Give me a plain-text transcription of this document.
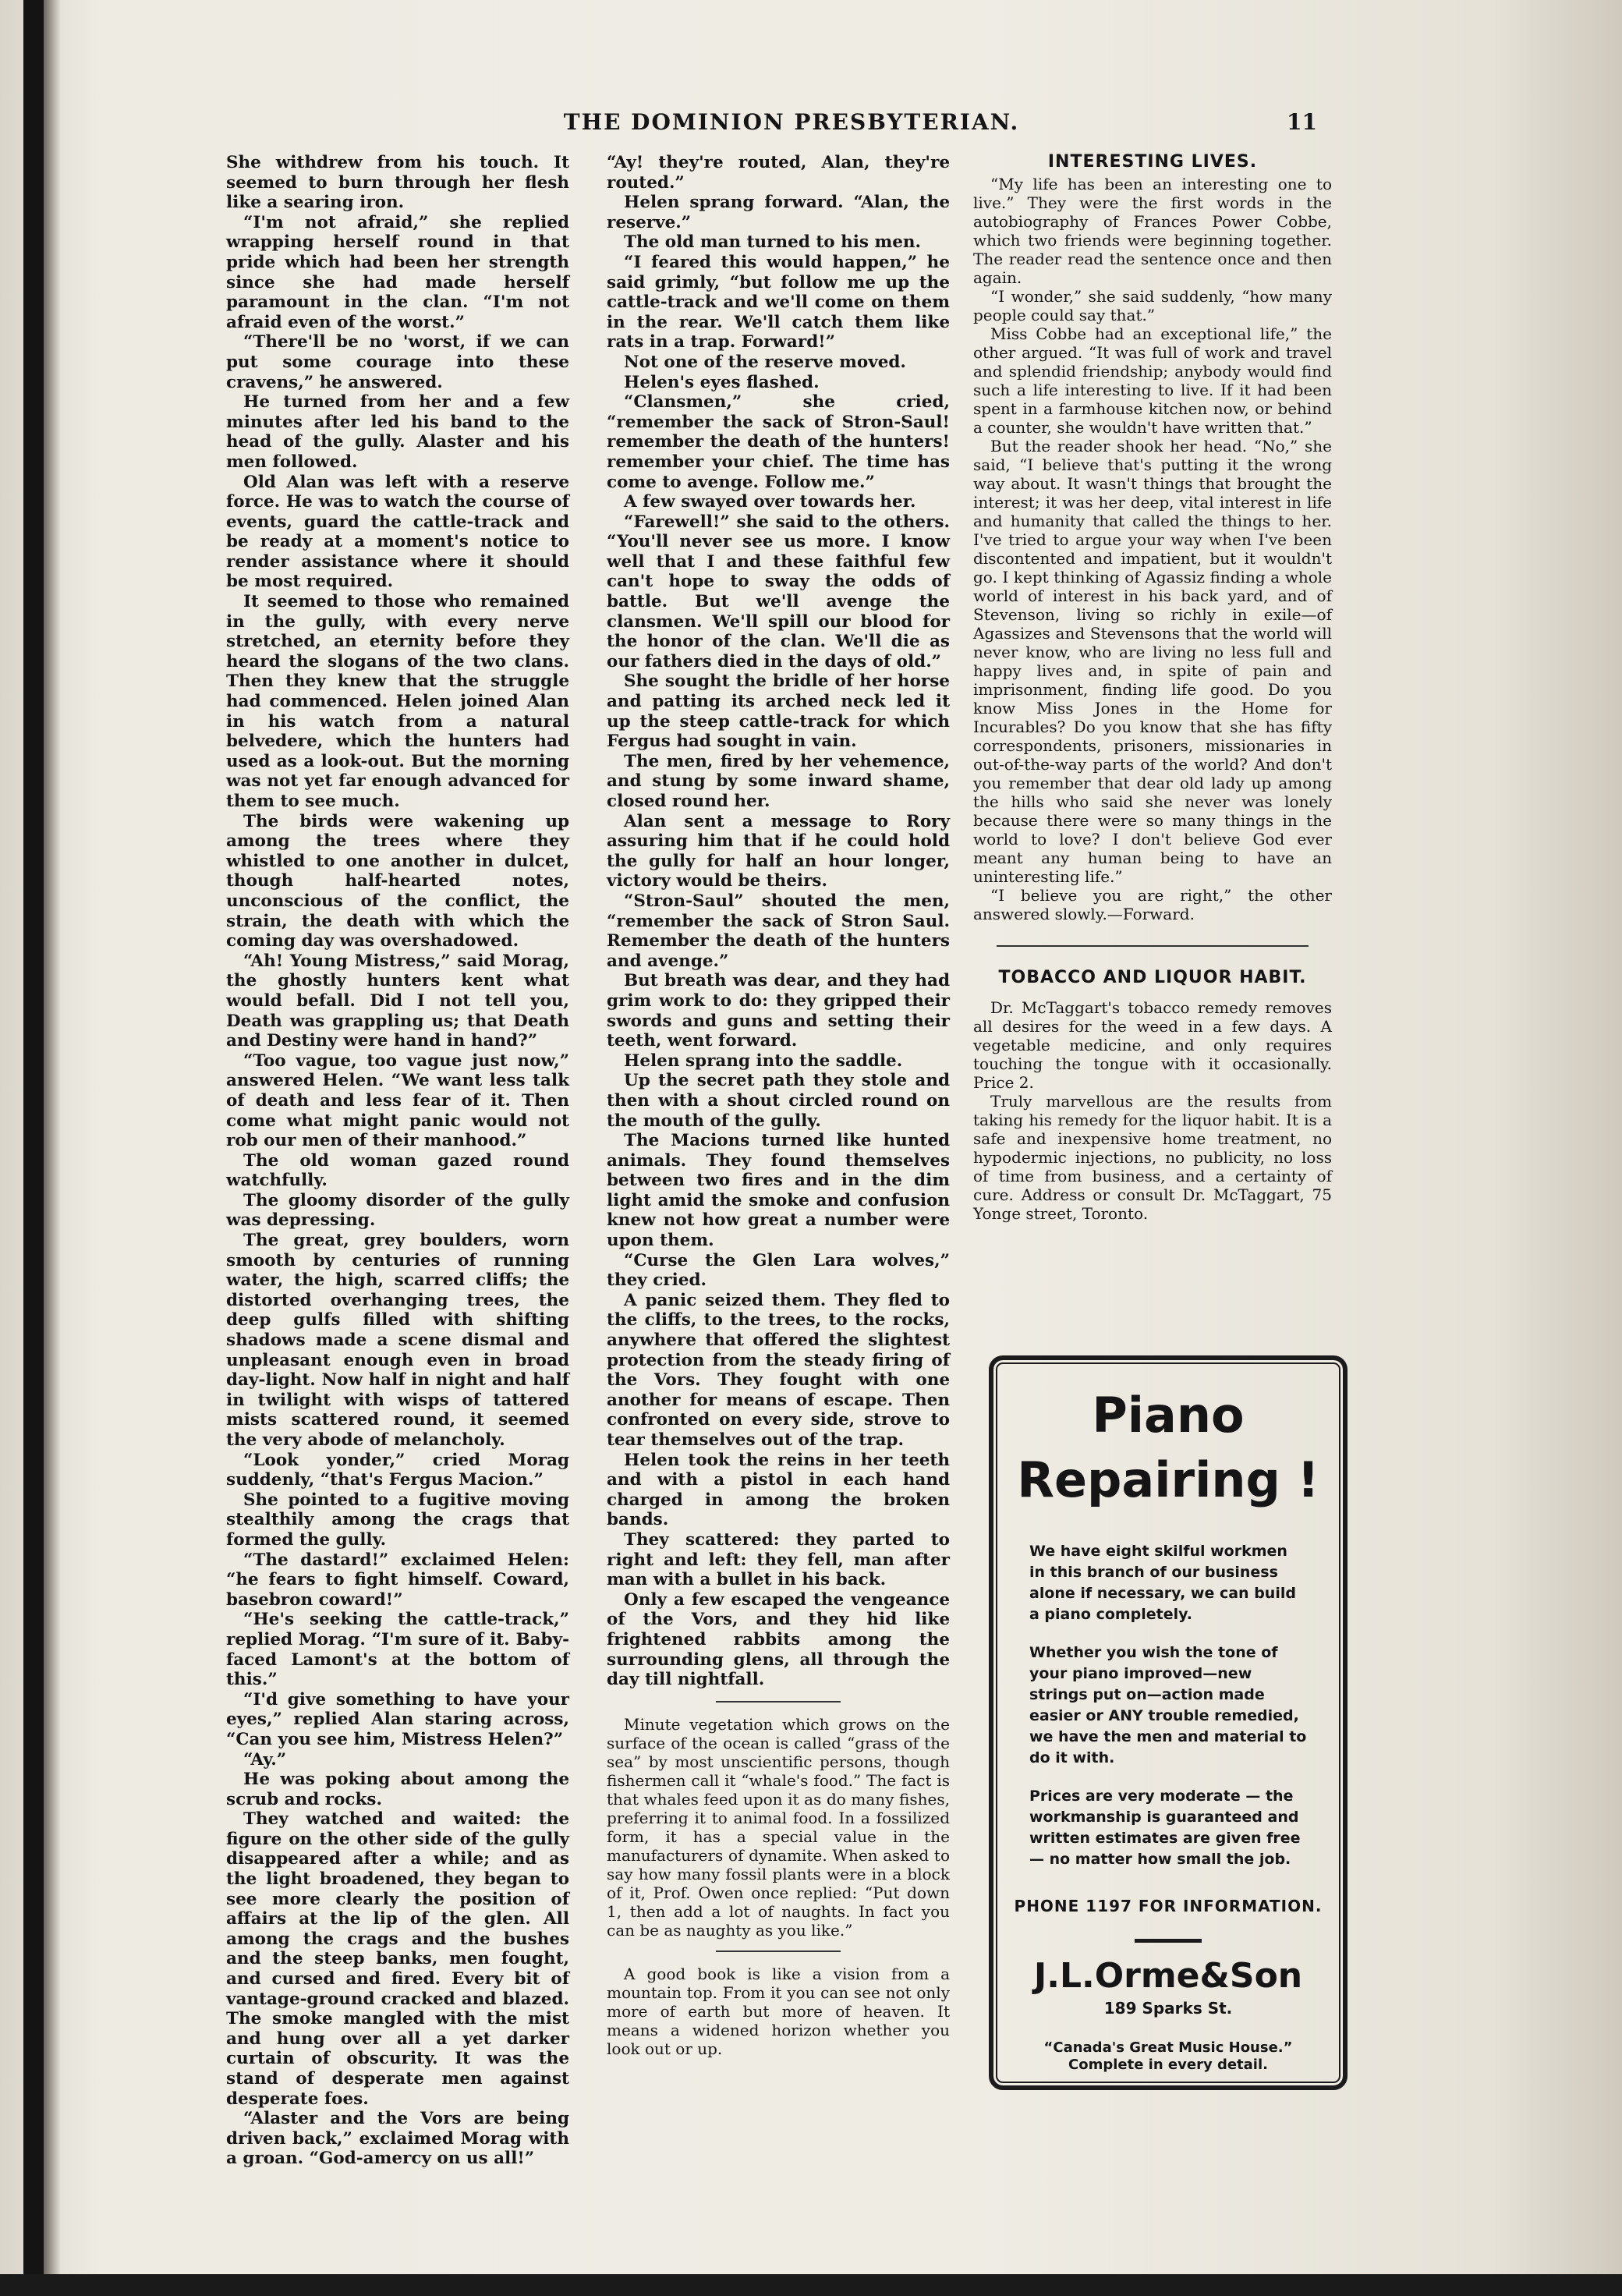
THE DOMINION PRESBYTERIAN.	11

She withdrew from his touch. It seemed to burn through her flesh like a searing iron.

“I'm not afraid,” she replied wrapping herself round in that pride which had been her strength since she had made herself paramount in the clan. “I'm not afraid even of the worst.”

“There'll be no 'worst, if we can put some courage into these cravens,” he answered.

He turned from her and a few minutes after led his band to the head of the gully. Alaster and his men followed.

Old Alan was left with a reserve force. He was to watch the course of events, guard the cattle-track and be ready at a moment's notice to render assistance where it should be most required.

It seemed to those who remained in the gully, with every nerve stretched, an eternity before they heard the slogans of the two clans. Then they knew that the struggle had commenced. Helen joined Alan in his watch from a natural belvedere, which the hunters had used as a look-out. But the morning was not yet far enough advanced for them to see much.

The birds were wakening up among the trees where they whistled to one another in dulcet, though half-hearted notes, unconscious of the conflict, the strain, the death with which the coming day was overshadowed.

“Ah! Young Mistress,” said Morag, the ghostly hunters kent what would befall. Did I not tell you, Death was grappling us; that Death and Destiny were hand in hand?”

“Too vague, too vague just now,” answered Helen. “We want less talk of death and less fear of it. Then come what might panic would not rob our men of their manhood.”

The old woman gazed round watchfully.

The gloomy disorder of the gully was depressing.

The great, grey boulders, worn smooth by centuries of running water, the high, scarred cliffs; the distorted overhanging trees, the deep gulfs filled with shifting shadows made a scene dismal and unpleasant enough even in broad day-light. Now half in night and half in twilight with wisps of tattered mists scattered round, it seemed the very abode of melancholy.

“Look yonder,” cried Morag suddenly, “that's Fergus Macion.”

She pointed to a fugitive moving stealthily among the crags that formed the gully.

“The dastard!” exclaimed Helen: “he fears to fight himself. Coward, basebron coward!”

“He's seeking the cattle-track,” replied Morag. “I'm sure of it. Baby-faced Lamont's at the bottom of this.”

“I'd give something to have your eyes,” replied Alan staring across, “Can you see him, Mistress Helen?”

“Ay.”

He was poking about among the scrub and rocks.

They watched and waited: the figure on the other side of the gully disappeared after a while; and as the light broadened, they began to see more clearly the position of affairs at the lip of the glen. All among the crags and the bushes and the steep banks, men fought, and cursed and fired. Every bit of vantage-ground cracked and blazed. The smoke mangled with the mist and hung over all a yet darker curtain of obscurity. It was the stand of desperate men against desperate foes.

“Alaster and the Vors are being driven back,” exclaimed Morag with a groan. “God-amercy on us all!”

“Ay! they're routed, Alan, they're routed.”

Helen sprang forward. “Alan, the reserve.”

The old man turned to his men.

“I feared this would happen,” he said grimly, “but follow me up the cattle-track and we'll come on them in the rear. We'll catch them like rats in a trap. Forward!”

Not one of the reserve moved.

Helen's eyes flashed.

“Clansmen,” she cried, “remember the sack of Stron-Saul! remember the death of the hunters! remember your chief. The time has come to avenge. Follow me.”

A few swayed over towards her.

“Farewell!” she said to the others. “You'll never see us more. I know well that I and these faithful few can't hope to sway the odds of battle. But we'll avenge the clansmen. We'll spill our blood for the honor of the clan. We'll die as our fathers died in the days of old.”

She sought the bridle of her horse and patting its arched neck led it up the steep cattle-track for which Fergus had sought in vain.

The men, fired by her vehemence, and stung by some inward shame, closed round her.

Alan sent a message to Rory assuring him that if he could hold the gully for half an hour longer, victory would be theirs.

“Stron-Saul” shouted the men, “remember the sack of Stron Saul. Remember the death of the hunters and avenge.”

But breath was dear, and they had grim work to do: they gripped their swords and guns and setting their teeth, went forward.

Helen sprang into the saddle.

Up the secret path they stole and then with a shout circled round on the mouth of the gully.

The Macions turned like hunted animals. They found themselves between two fires and in the dim light amid the smoke and confusion knew not how great a number were upon them.

“Curse the Glen Lara wolves,” they cried.

A panic seized them. They fled to the cliffs, to the trees, to the rocks, anywhere that offered the slightest protection from the steady firing of the Vors. They fought with one another for means of escape. Then confronted on every side, strove to tear themselves out of the trap.

Helen took the reins in her teeth and with a pistol in each hand charged in among the broken bands.

They scattered: they parted to right and left: they fell, man after man with a bullet in his back.

Only a few escaped the vengeance of the Vors, and they hid like frightened rabbits among the surrounding glens, all through the day till nightfall.

Minute vegetation which grows on the surface of the ocean is called “grass of the sea” by most unscientific persons, though fishermen call it “whale's food.” The fact is that whales feed upon it as do many fishes, preferring it to animal food. In a fossilized form, it has a special value in the manufacturers of dynamite. When asked to say how many fossil plants were in a block of it, Prof. Owen once replied: “Put down 1, then add a lot of naughts. In fact you can be as naughty as you like.”

A good book is like a vision from a mountain top. From it you can see not only more of earth but more of heaven. It means a widened horizon whether you look out or up.

INTERESTING LIVES.

“My life has been an interesting one to live.” They were the first words in the autobiography of Frances Power Cobbe, which two friends were beginning together. The reader read the sentence once and then again.

“I wonder,” she said suddenly, “how many people could say that.”

Miss Cobbe had an exceptional life,” the other argued. “It was full of work and travel and splendid friendship; anybody would find such a life interesting to live. If it had been spent in a farmhouse kitchen now, or behind a counter, she wouldn't have written that.”

But the reader shook her head. “No,” she said, “I believe that's putting it the wrong way about. It wasn't things that brought the interest; it was her deep, vital interest in life and humanity that called the things to her. I've tried to argue your way when I've been discontented and impatient, but it wouldn't go. I kept thinking of Agassiz finding a whole world of interest in his back yard, and of Stevenson, living so richly in exile—of Agassizes and Stevensons that the world will never know, who are living no less full and happy lives and, in spite of pain and imprisonment, finding life good. Do you know Miss Jones in the Home for Incurables? Do you know that she has fifty correspondents, prisoners, missionaries in out-of-the-way parts of the world? And don't you remember that dear old lady up among the hills who said she never was lonely because there were so many things in the world to love? I don't believe God ever meant any human being to have an uninteresting life.”

“I believe you are right,” the other answered slowly.—Forward.

TOBACCO AND LIQUOR HABIT.

Dr. McTaggart's tobacco remedy removes all desires for the weed in a few days. A vegetable medicine, and only requires touching the tongue with it occasionally. Price 2.

Truly marvellous are the results from taking his remedy for the liquor habit. It is a safe and inexpensive home treatment, no hypodermic injections, no publicity, no loss of time from business, and a certainty of cure. Address or consult Dr. McTaggart, 75 Yonge street, Toronto.

Piano
Repairing !
We have eight skilful workmen in this branch of our business alone if necessary, we can build a piano completely.
Whether you wish the tone of your piano improved—new strings put on—action made easier or ANY trouble remedied, we have the men and material to do it with.
Prices are very moderate — the workmanship is guaranteed and written estimates are given free— no matter how small the job.
PHONE 1197 FOR INFORMATION.
J.L.Orme&Son
189 Sparks St.
“Canada's Great Music House.”
Complete in every detail.
